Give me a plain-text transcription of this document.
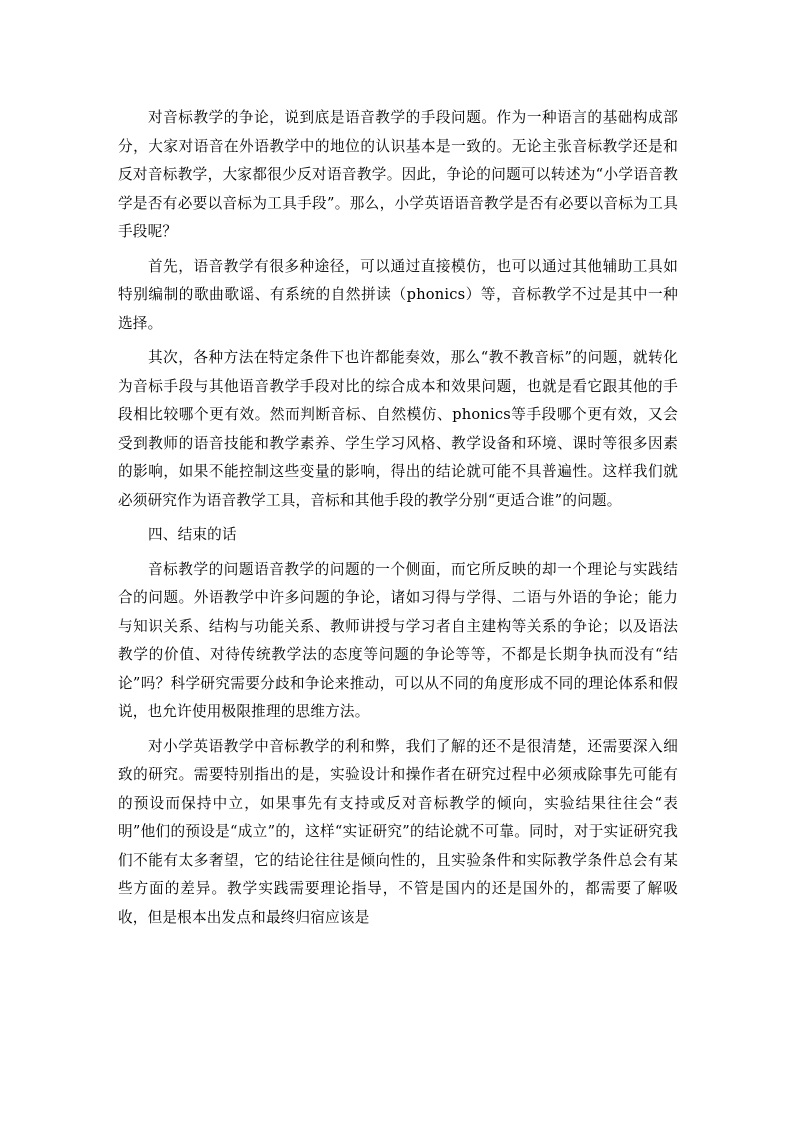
对音标教学的争论，说到底是语音教学的手段问题。作为一种语言的基础构成部分，大家对语音在外语教学中的地位的认识基本是一致的。无论主张音标教学还是和反对音标教学，大家都很少反对语音教学。因此，争论的问题可以转述为“小学语音教学是否有必要以音标为工具手段”。那么，小学英语语音教学是否有必要以音标为工具手段呢？

首先，语音教学有很多种途径，可以通过直接模仿，也可以通过其他辅助工具如特别编制的歌曲歌谣、有系统的自然拼读（phonics）等，音标教学不过是其中一种选择。

其次，各种方法在特定条件下也许都能奏效，那么“教不教音标”的问题，就转化为音标手段与其他语音教学手段对比的综合成本和效果问题，也就是看它跟其他的手段相比较哪个更有效。然而判断音标、自然模仿、phonics等手段哪个更有效，又会受到教师的语音技能和教学素养、学生学习风格、教学设备和环境、课时等很多因素的影响，如果不能控制这些变量的影响，得出的结论就可能不具普遍性。这样我们就必须研究作为语音教学工具，音标和其他手段的教学分别“更适合谁”的问题。

四、结束的话

音标教学的问题语音教学的问题的一个侧面，而它所反映的却一个理论与实践结合的问题。外语教学中许多问题的争论，诸如习得与学得、二语与外语的争论；能力与知识关系、结构与功能关系、教师讲授与学习者自主建构等关系的争论；以及语法教学的价值、对待传统教学法的态度等问题的争论等等，不都是长期争执而没有“结论”吗？科学研究需要分歧和争论来推动，可以从不同的角度形成不同的理论体系和假说，也允许使用极限推理的思维方法。

对小学英语教学中音标教学的利和弊，我们了解的还不是很清楚，还需要深入细致的研究。需要特别指出的是，实验设计和操作者在研究过程中必须戒除事先可能有的预设而保持中立，如果事先有支持或反对音标教学的倾向，实验结果往往会“表明”他们的预设是“成立”的，这样“实证研究”的结论就不可靠。同时，对于实证研究我们不能有太多奢望，它的结论往往是倾向性的，且实验条件和实际教学条件总会有某些方面的差异。教学实践需要理论指导，不管是国内的还是国外的，都需要了解吸收，但是根本出发点和最终归宿应该是
